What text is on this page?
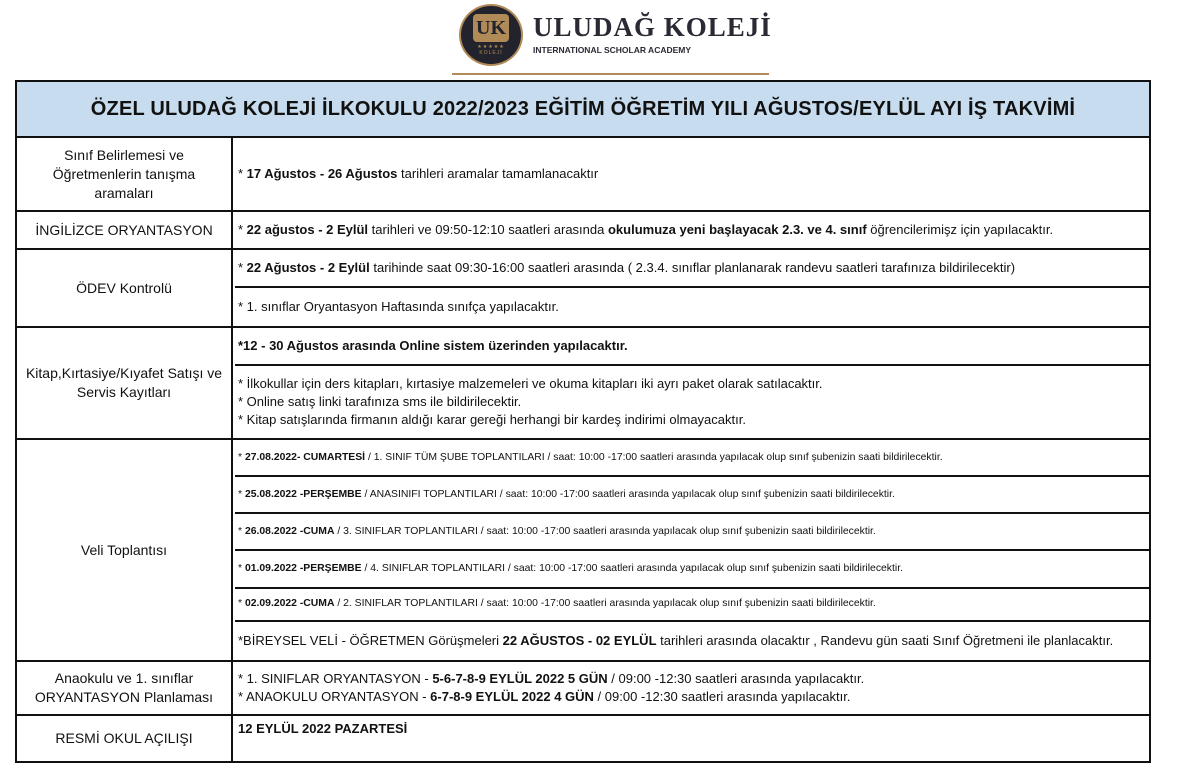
UK
★★★★★
KOLEJİ
ULUDAĞ KOLEJİ
INTERNATIONAL SCHOLAR ACADEMY
ÖZEL ULUDAĞ KOLEJİ İLKOKULU 2022/2023 EĞİTİM ÖĞRETİM YILI AĞUSTOS/EYLÜL AYI İŞ TAKVİMİ
Sınıf Belirlemesi ve Öğretmenlerin tanışma aramaları
* 17 Ağustos - 26 Ağustos tarihleri aramalar tamamlanacaktır
İNGİLİZCE ORYANTASYON	* 22 ağustos - 2 Eylül tarihleri ve 09:50-12:10 saatleri arasında okulumuza yeni başlayacak 2.3. ve 4. sınıf öğrencilerimişz için yapılacaktır.
ÖDEV Kontrolü
* 22 Ağustos - 2 Eylül tarihinde saat 09:30-16:00 saatleri arasında ( 2.3.4. sınıflar planlanarak randevu saatleri tarafınıza bildirilecektir)
* 1. sınıflar Oryantasyon Haftasında sınıfça yapılacaktır.
Kitap,Kırtasiye/Kıyafet Satışı ve Servis Kayıtları
*12 - 30 Ağustos arasında Online sistem üzerinden yapılacaktır.
* İlkokullar için ders kitapları, kırtasiye malzemeleri ve okuma kitapları iki ayrı paket olarak satılacaktır.
* Online satış linki tarafınıza sms ile bildirilecektir.
* Kitap satışlarında firmanın aldığı karar gereği herhangi bir kardeş indirimi olmayacaktır.
Veli Toplantısı
* 27.08.2022- CUMARTESİ / 1. SINIF TÜM ŞUBE TOPLANTILARI / saat: 10:00 -17:00 saatleri arasında yapılacak olup sınıf şubenizin saati bildirilecektir.
* 25.08.2022 -PERŞEMBE / ANASINIFI TOPLANTILARI / saat: 10:00 -17:00 saatleri arasında yapılacak olup sınıf şubenizin saati bildirilecektir.
* 26.08.2022 -CUMA / 3. SINIFLAR TOPLANTILARI / saat: 10:00 -17:00 saatleri arasında yapılacak olup sınıf şubenizin saati bildirilecektir.
* 01.09.2022 -PERŞEMBE / 4. SINIFLAR TOPLANTILARI / saat: 10:00 -17:00 saatleri arasında yapılacak olup sınıf şubenizin saati bildirilecektir.
* 02.09.2022 -CUMA / 2. SINIFLAR TOPLANTILARI / saat: 10:00 -17:00 saatleri arasında yapılacak olup sınıf şubenizin saati bildirilecektir.
*BİREYSEL VELİ - ÖĞRETMEN Görüşmeleri 22 AĞUSTOS - 02 EYLÜL tarihleri arasında olacaktır , Randevu gün saati Sınıf Öğretmeni ile planlacaktır.
Anaokulu ve 1. sınıflar ORYANTASYON Planlaması
* 1. SINIFLAR ORYANTASYON - 5-6-7-8-9 EYLÜL 2022 5 GÜN / 09:00 -12:30 saatleri arasında yapılacaktır.
* ANAOKULU ORYANTASYON - 6-7-8-9 EYLÜL 2022 4 GÜN / 09:00 -12:30 saatleri arasında yapılacaktır.
RESMİ OKUL AÇILIŞI
12 EYLÜL 2022 PAZARTESİ
